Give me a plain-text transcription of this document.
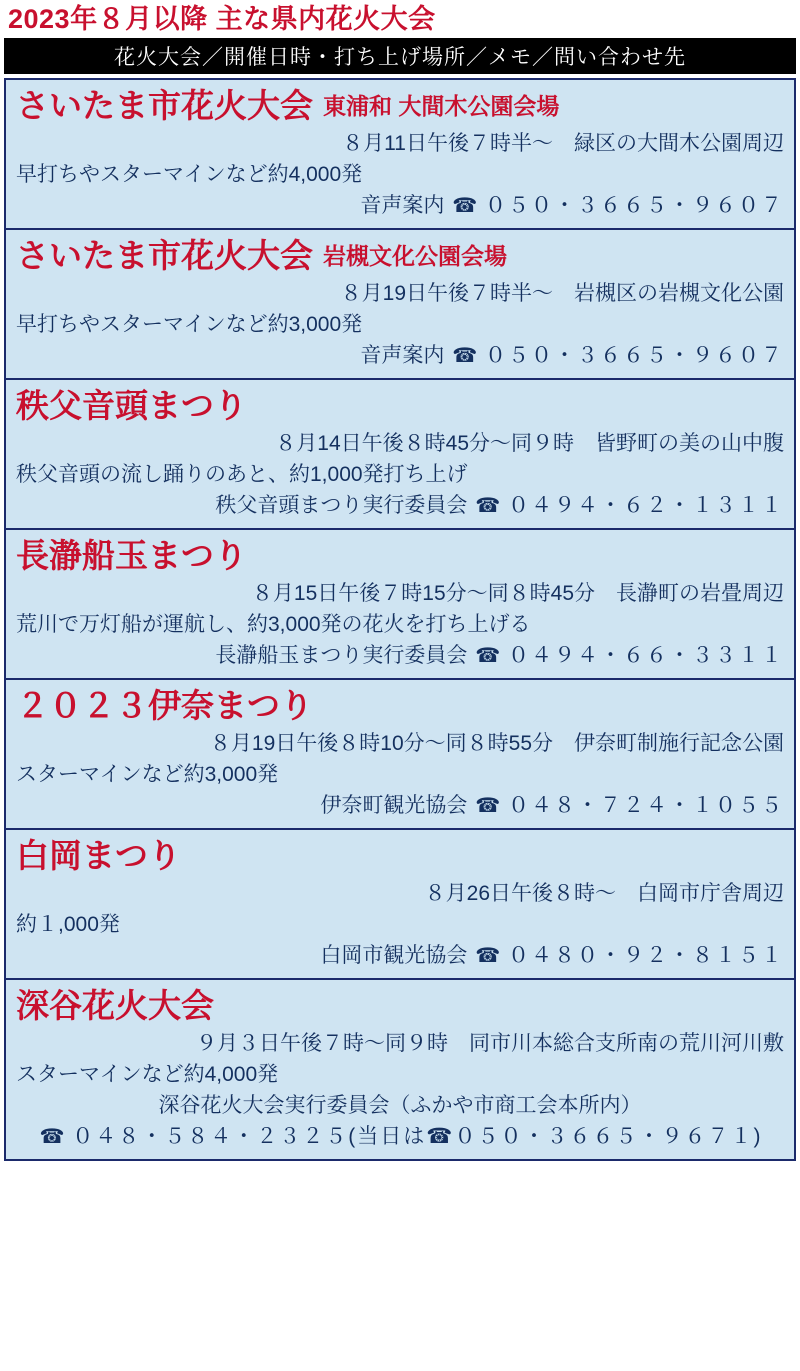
2023年８月以降 主な県内花火大会
花火大会／開催日時・打ち上げ場所／メモ／問い合わせ先
さいたま市花火大会 東浦和 大間木公園会場
８月11日午後７時半～　緑区の大間木公園周辺
早打ちやスターマインなど約4,000発
音声案内 ☎ ０５０・３６６５・９６０７
さいたま市花火大会 岩槻文化公園会場
８月19日午後７時半～　岩槻区の岩槻文化公園
早打ちやスターマインなど約3,000発
音声案内 ☎ ０５０・３６６５・９６０７
秩父音頭まつり
８月14日午後８時45分～同９時　皆野町の美の山中腹
秩父音頭の流し踊りのあと、約1,000発打ち上げ
秩父音頭まつり実行委員会 ☎ ０４９４・６２・１３１１
長瀞船玉まつり
８月15日午後７時15分～同８時45分　長瀞町の岩畳周辺
荒川で万灯船が運航し、約3,000発の花火を打ち上げる
長瀞船玉まつり実行委員会 ☎ ０４９４・６６・３３１１
２０２３伊奈まつり
８月19日午後８時10分～同８時55分　伊奈町制施行記念公園
スターマインなど約3,000発
伊奈町観光協会 ☎ ０４８・７２４・１０５５
白岡まつり
８月26日午後８時～　白岡市庁舎周辺
約１,000発
白岡市観光協会 ☎ ０４８０・９２・８１５１
深谷花火大会
９月３日午後７時～同９時　同市川本総合支所南の荒川河川敷
スターマインなど約4,000発
深谷花火大会実行委員会（ふかや市商工会本所内）
☎ ０４８・５８４・２３２５(当日は☎０５０・３６６５・９６７１)
